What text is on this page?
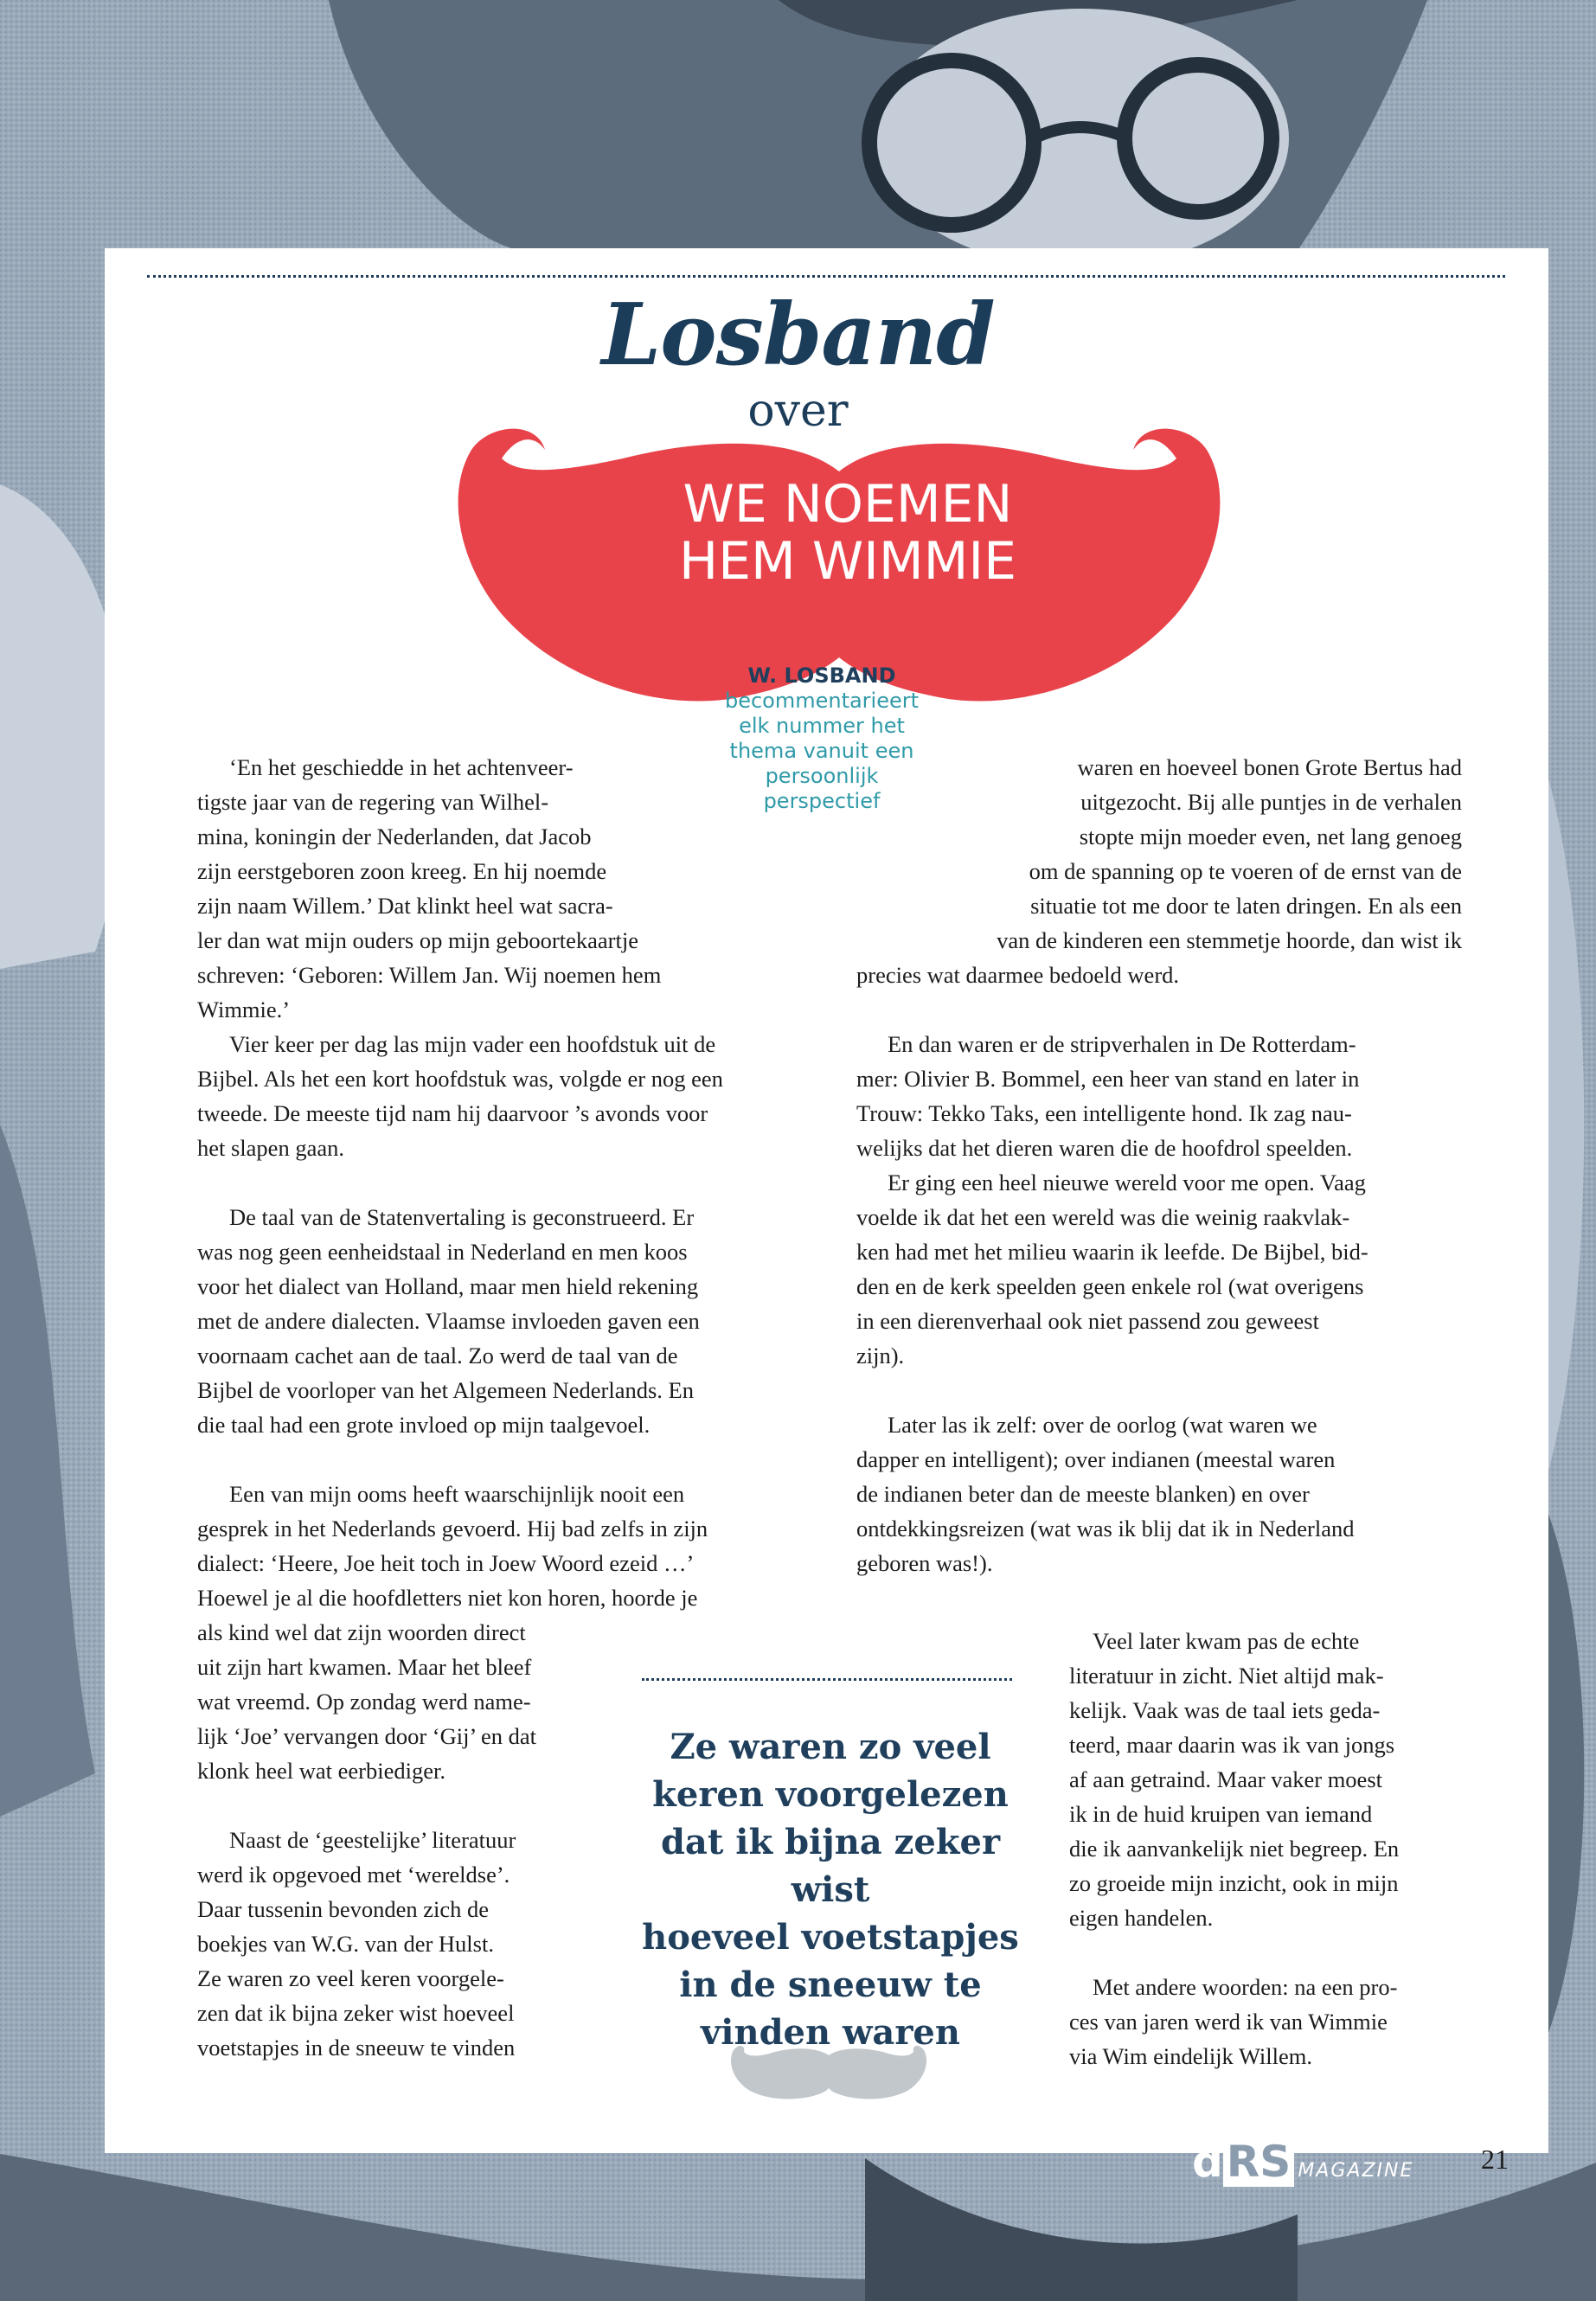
Losband
over
WE NOEMEN
HEM WIMMIE
W. LOSBAND
becommentarieert
elk nummer het
thema vanuit een
persoonlijk
perspectief
‘En het geschiedde in het achtenveer-
tigste jaar van de regering van Wilhel-
mina, koningin der Nederlanden, dat Jacob
zijn eerstgeboren zoon kreeg. En hij noemde
zijn naam Willem.’ Dat klinkt heel wat sacra-
ler dan wat mijn ouders op mijn geboortekaartje
schreven: ‘Geboren: Willem Jan. Wij noemen hem
Wimmie.’
Vier keer per dag las mijn vader een hoofdstuk uit de
Bijbel. Als het een kort hoofdstuk was, volgde er nog een
tweede. De meeste tijd nam hij daarvoor ’s avonds voor
het slapen gaan.
De taal van de Statenvertaling is geconstrueerd. Er
was nog geen eenheidstaal in Nederland en men koos
voor het dialect van Holland, maar men hield rekening
met de andere dialecten. Vlaamse invloeden gaven een
voornaam cachet aan de taal. Zo werd de taal van de
Bijbel de voorloper van het Algemeen Nederlands. En
die taal had een grote invloed op mijn taalgevoel.
Een van mijn ooms heeft waarschijnlijk nooit een
gesprek in het Nederlands gevoerd. Hij bad zelfs in zijn
dialect: ‘Heere, Joe heit toch in Joew Woord ezeid …’
Hoewel je al die hoofdletters niet kon horen, hoorde je
als kind wel dat zijn woorden direct
uit zijn hart kwamen. Maar het bleef
wat vreemd. Op zondag werd name-
lijk ‘Joe’ vervangen door ‘Gij’ en dat
klonk heel wat eerbiediger.
Naast de ‘geestelijke’ literatuur
werd ik opgevoed met ‘wereldse’.
Daar tussenin bevonden zich de
boekjes van W.G. van der Hulst.
Ze waren zo veel keren voorgele-
zen dat ik bijna zeker wist hoeveel
voetstapjes in de sneeuw te vinden
waren en hoeveel bonen Grote Bertus had
uitgezocht. Bij alle puntjes in de verhalen
stopte mijn moeder even, net lang genoeg
om de spanning op te voeren of de ernst van de
situatie tot me door te laten dringen. En als een
van de kinderen een stemmetje hoorde, dan wist ik
precies wat daarmee bedoeld werd.
En dan waren er de stripverhalen in De Rotterdam-
mer: Olivier B. Bommel, een heer van stand en later in
Trouw: Tekko Taks, een intelligente hond. Ik zag nau-
welijks dat het dieren waren die de hoofdrol speelden.
Er ging een heel nieuwe wereld voor me open. Vaag
voelde ik dat het een wereld was die weinig raakvlak-
ken had met het milieu waarin ik leefde. De Bijbel, bid-
den en de kerk speelden geen enkele rol (wat overigens
in een dierenverhaal ook niet passend zou geweest
zijn).
Later las ik zelf: over de oorlog (wat waren we
dapper en intelligent); over indianen (meestal waren
de indianen beter dan de meeste blanken) en over
ontdekkingsreizen (wat was ik blij dat ik in Nederland
geboren was!).
Veel later kwam pas de echte
literatuur in zicht. Niet altijd mak-
kelijk. Vaak was de taal iets geda-
teerd, maar daarin was ik van jongs
af aan getraind. Maar vaker moest
ik in de huid kruipen van iemand
die ik aanvankelijk niet begreep. En
zo groeide mijn inzicht, ook in mijn
eigen handelen.
Met andere woorden: na een pro-
ces van jaren werd ik van Wimmie
via Wim eindelijk Willem.
Ze waren zo veel
keren voorgelezen
dat ik bijna zeker wist
hoeveel voetstapjes
in de sneeuw te
vinden waren
dRS MAGAZINE 21
